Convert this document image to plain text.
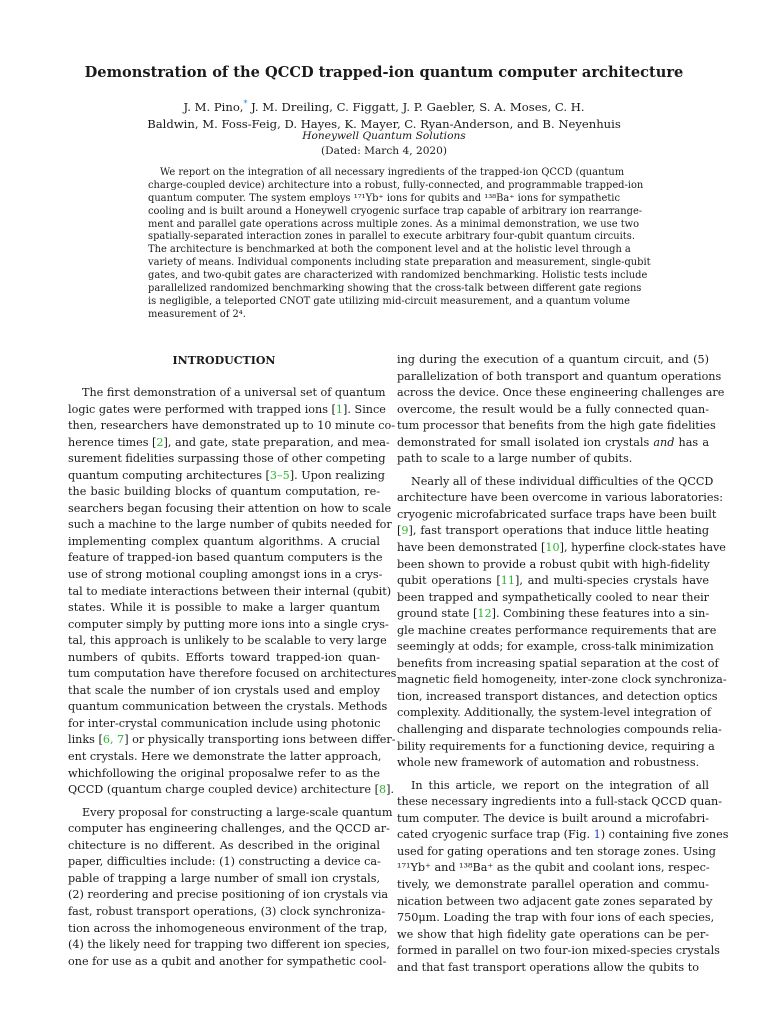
Demonstration of the QCCD trapped-ion quantum computer architecture
J. M. Pino,* J. M. Dreiling, C. Figgatt, J. P. Gaebler, S. A. Moses, C. H.
Baldwin, M. Foss-Feig, D. Hayes, K. Mayer, C. Ryan-Anderson, and B. Neyenhuis
Honeywell Quantum Solutions
(Dated: March 4, 2020)
We report on the integration of all necessary ingredients of the trapped-ion QCCD (quantum
charge-coupled device) architecture into a robust, fully-connected, and programmable trapped-ion
quantum computer. The system employs ¹⁷¹Yb⁺ ions for qubits and ¹³⁸Ba⁺ ions for sympathetic
cooling and is built around a Honeywell cryogenic surface trap capable of arbitrary ion rearrange-
ment and parallel gate operations across multiple zones. As a minimal demonstration, we use two
spatially-separated interaction zones in parallel to execute arbitrary four-qubit quantum circuits.
The architecture is benchmarked at both the component level and at the holistic level through a
variety of means. Individual components including state preparation and measurement, single-qubit
gates, and two-qubit gates are characterized with randomized benchmarking. Holistic tests include
parallelized randomized benchmarking showing that the cross-talk between different gate regions
is negligible, a teleported CNOT gate utilizing mid-circuit measurement, and a quantum volume
measurement of 2⁴.
INTRODUCTION
The first demonstration of a universal set of quantum
logic gates were performed with trapped ions [1]. Since
then, researchers have demonstrated up to 10 minute co-
herence times [2], and gate, state preparation, and mea-
surement fidelities surpassing those of other competing
quantum computing architectures [3–5]. Upon realizing
the basic building blocks of quantum computation, re-
searchers began focusing their attention on how to scale
such a machine to the large number of qubits needed for
implementing complex quantum algorithms. A crucial
feature of trapped-ion based quantum computers is the
use of strong motional coupling amongst ions in a crys-
tal to mediate interactions between their internal (qubit)
states. While it is possible to make a larger quantum
computer simply by putting more ions into a single crys-
tal, this approach is unlikely to be scalable to very large
numbers of qubits. Efforts toward trapped-ion quan-
tum computation have therefore focused on architectures
that scale the number of ion crystals used and employ
quantum communication between the crystals. Methods
for inter-crystal communication include using photonic
links [6, 7] or physically transporting ions between differ-
ent crystals. Here we demonstrate the latter approach,
whichfollowing the original proposalwe refer to as the
QCCD (quantum charge coupled device) architecture [8].
Every proposal for constructing a large-scale quantum
computer has engineering challenges, and the QCCD ar-
chitecture is no different. As described in the original
paper, difficulties include: (1) constructing a device ca-
pable of trapping a large number of small ion crystals,
(2) reordering and precise positioning of ion crystals via
fast, robust transport operations, (3) clock synchroniza-
tion across the inhomogeneous environment of the trap,
(4) the likely need for trapping two different ion species,
one for use as a qubit and another for sympathetic cool-
ing during the execution of a quantum circuit, and (5)
parallelization of both transport and quantum operations
across the device. Once these engineering challenges are
overcome, the result would be a fully connected quan-
tum processor that benefits from the high gate fidelities
demonstrated for small isolated ion crystals and has a
path to scale to a large number of qubits.
Nearly all of these individual difficulties of the QCCD
architecture have been overcome in various laboratories:
cryogenic microfabricated surface traps have been built
[9], fast transport operations that induce little heating
have been demonstrated [10], hyperfine clock-states have
been shown to provide a robust qubit with high-fidelity
qubit operations [11], and multi-species crystals have
been trapped and sympathetically cooled to near their
ground state [12]. Combining these features into a sin-
gle machine creates performance requirements that are
seemingly at odds; for example, cross-talk minimization
benefits from increasing spatial separation at the cost of
magnetic field homogeneity, inter-zone clock synchroniza-
tion, increased transport distances, and detection optics
complexity. Additionally, the system-level integration of
challenging and disparate technologies compounds relia-
bility requirements for a functioning device, requiring a
whole new framework of automation and robustness.
In this article, we report on the integration of all
these necessary ingredients into a full-stack QCCD quan-
tum computer. The device is built around a microfabri-
cated cryogenic surface trap (Fig. 1) containing five zones
used for gating operations and ten storage zones. Using
¹⁷¹Yb⁺ and ¹³⁸Ba⁺ as the qubit and coolant ions, respec-
tively, we demonstrate parallel operation and commu-
nication between two adjacent gate zones separated by
750μm. Loading the trap with four ions of each species,
we show that high fidelity gate operations can be per-
formed in parallel on two four-ion mixed-species crystals
and that fast transport operations allow the qubits to
